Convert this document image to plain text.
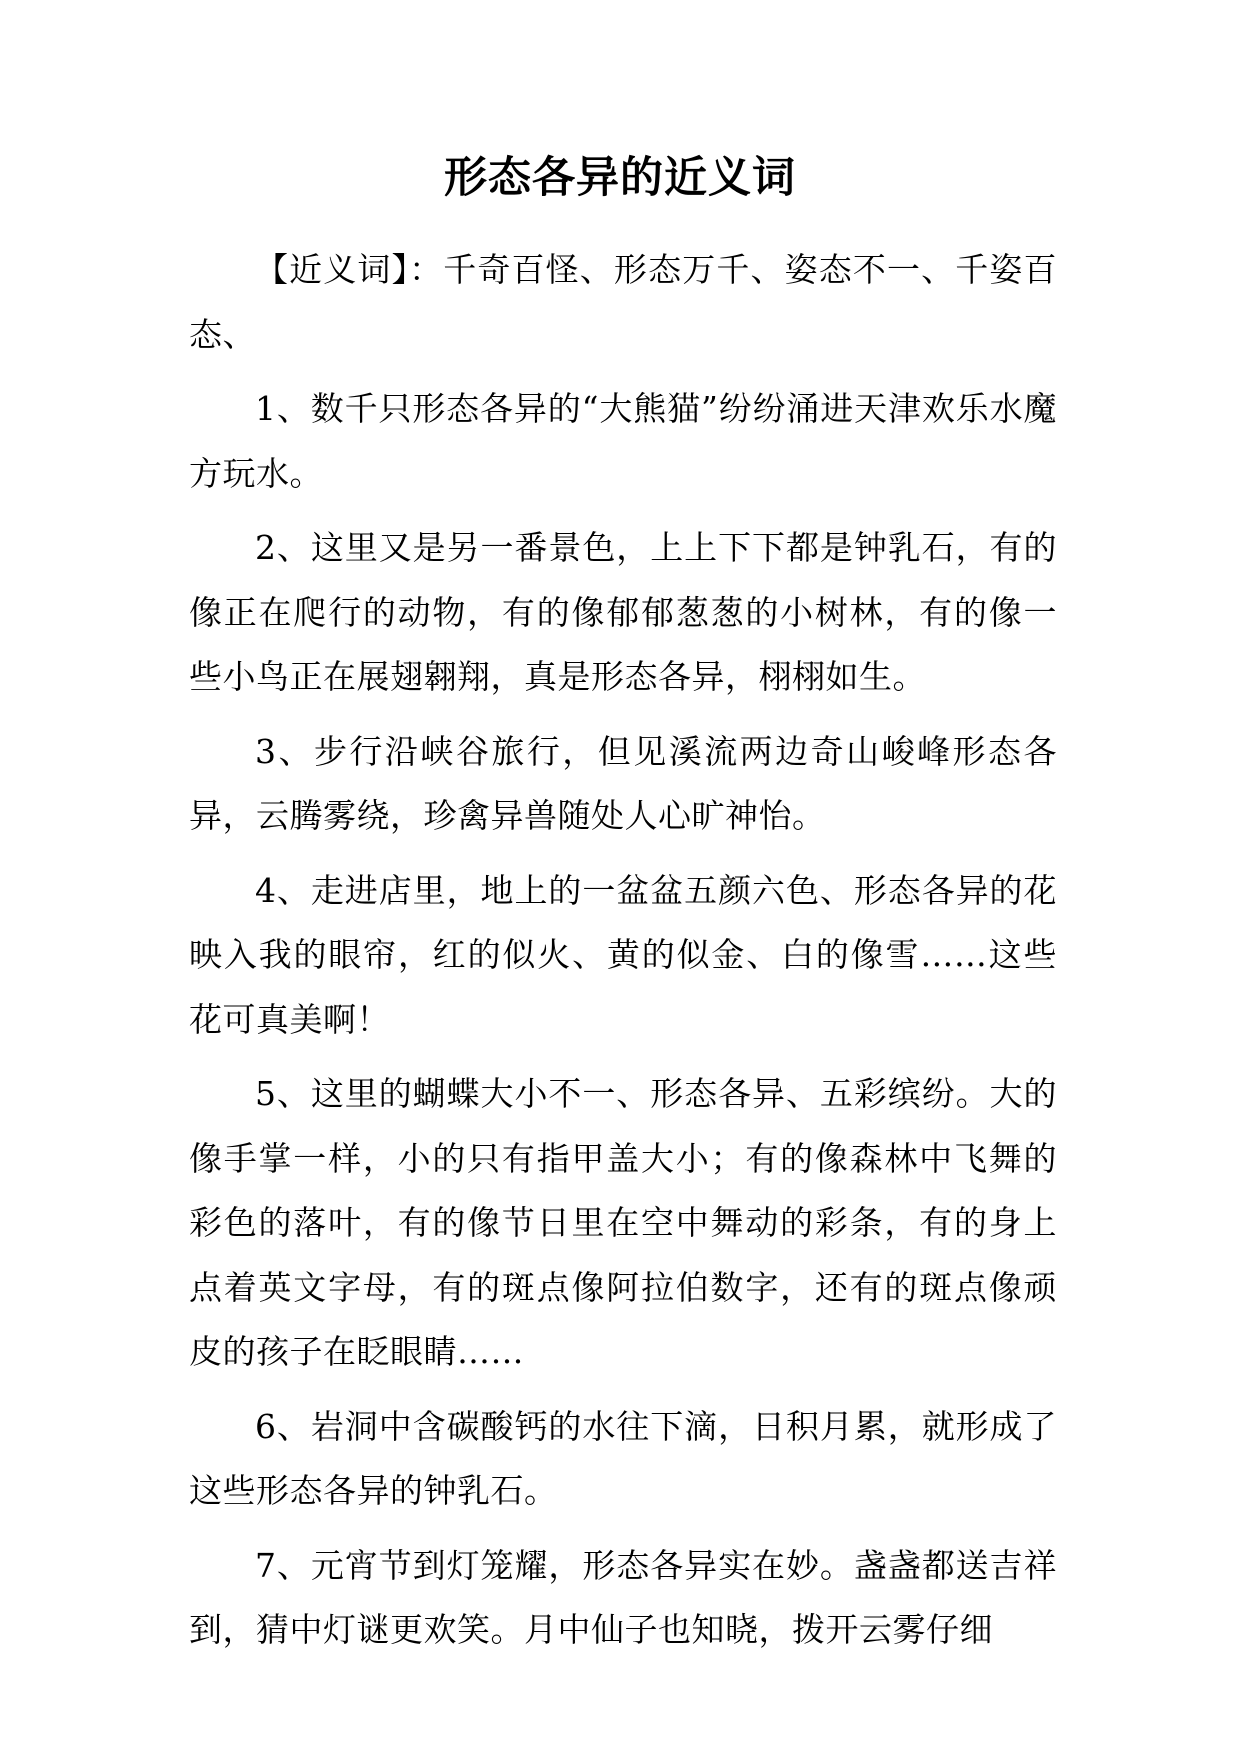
形态各异的近义词

【近义词】：千奇百怪、形态万千、姿态不一、千姿百态、

1、数千只形态各异的“大熊猫”纷纷涌进天津欢乐水魔方玩水。

2、这里又是另一番景色，上上下下都是钟乳石，有的像正在爬行的动物，有的像郁郁葱葱的小树林，有的像一些小鸟正在展翅翱翔，真是形态各异，栩栩如生。

3、步行沿峡谷旅行，但见溪流两边奇山峻峰形态各异，云腾雾绕，珍禽异兽随处人心旷神怡。

4、走进店里，地上的一盆盆五颜六色、形态各异的花映入我的眼帘，红的似火、黄的似金、白的像雪……这些花可真美啊！

5、这里的蝴蝶大小不一、形态各异、五彩缤纷。大的像手掌一样，小的只有指甲盖大小；有的像森林中飞舞的彩色的落叶，有的像节日里在空中舞动的彩条，有的身上点着英文字母，有的斑点像阿拉伯数字，还有的斑点像顽皮的孩子在眨眼睛……

6、岩洞中含碳酸钙的水往下滴，日积月累，就形成了这些形态各异的钟乳石。

7、元宵节到灯笼耀，形态各异实在妙。盏盏都送吉祥到，猜中灯谜更欢笑。月中仙子也知晓，拨开云雾仔细
